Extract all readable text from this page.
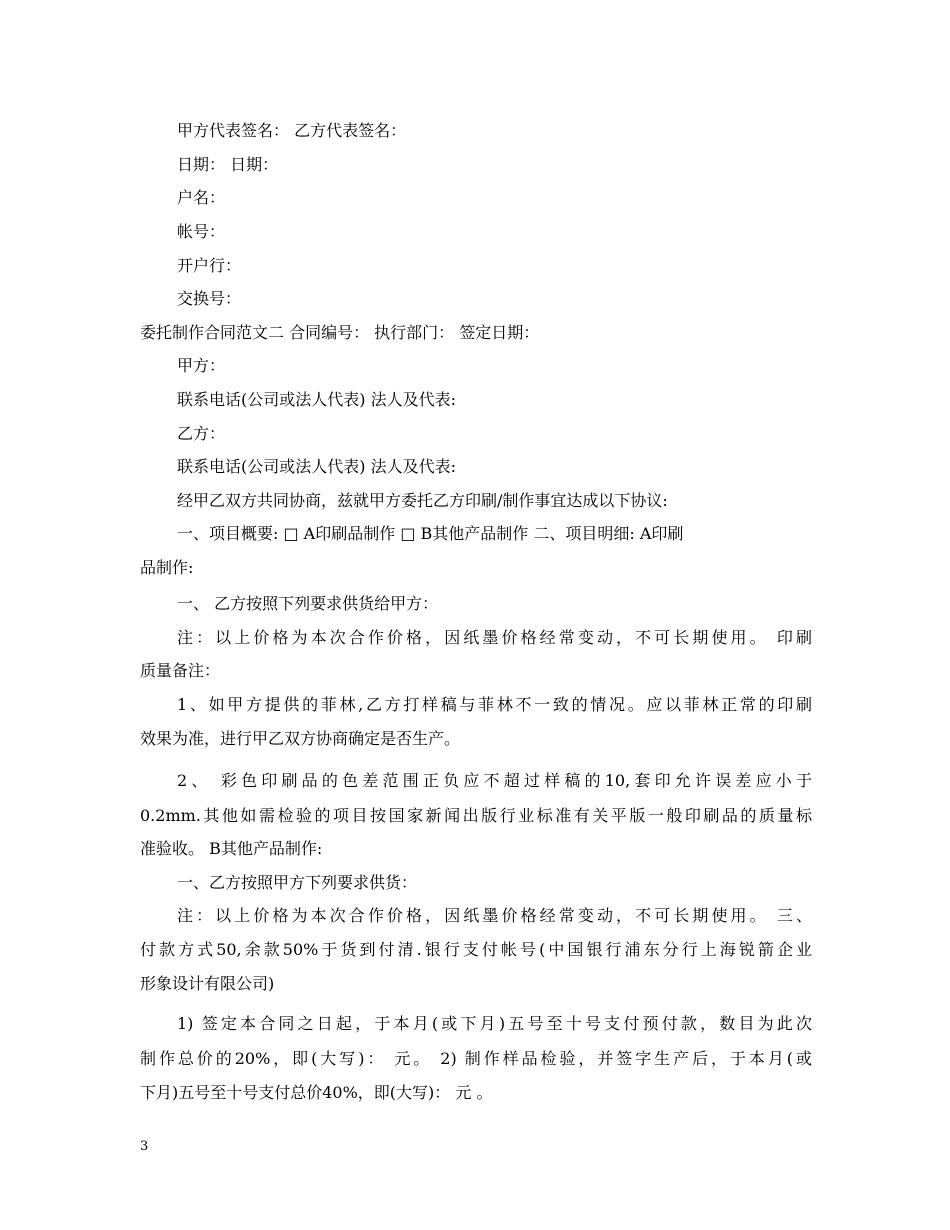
甲方代表签名： 乙方代表签名：
日期： 日期：
户名：
帐号：
开户行：
交换号：
委托制作合同范文二 合同编号： 执行部门： 签定日期：
甲方：
联系电话(公司或法人代表) 法人及代表:
乙方：
联系电话(公司或法人代表) 法人及代表:
经甲乙双方共同协商，兹就甲方委托乙方印刷/制作事宜达成以下协议:
一、项目概要: □ A印刷品制作 □ B其他产品制作 二、项目明细: A印刷
品制作:
一、 乙方按照下列要求供货给甲方：
注：以上价格为本次合作价格，因纸墨价格经常变动，不可长期使用。 印刷
质量备注：
1、如甲方提供的菲林,乙方打样稿与菲林不一致的情况。应以菲林正常的印刷
效果为准，进行甲乙双方协商确定是否生产。
2、 彩色印刷品的色差范围正负应不超过样稿的10,套印允许误差应小于
0.2mm.其他如需检验的项目按国家新闻出版行业标准有关平版一般印刷品的质量标
准验收。 B其他产品制作:
一、乙方按照甲方下列要求供货：
注：以上价格为本次合作价格，因纸墨价格经常变动，不可长期使用。 三、
付款方式50,余款50%于货到付清.银行支付帐号(中国银行浦东分行上海锐箭企业
形象设计有限公司)
1) 签定本合同之日起，于本月(或下月)五号至十号支付预付款，数目为此次
制作总价的20%，即(大写)： 元。 2) 制作样品检验，并签字生产后，于本月(或
下月)五号至十号支付总价40%，即(大写)： 元 。
3
